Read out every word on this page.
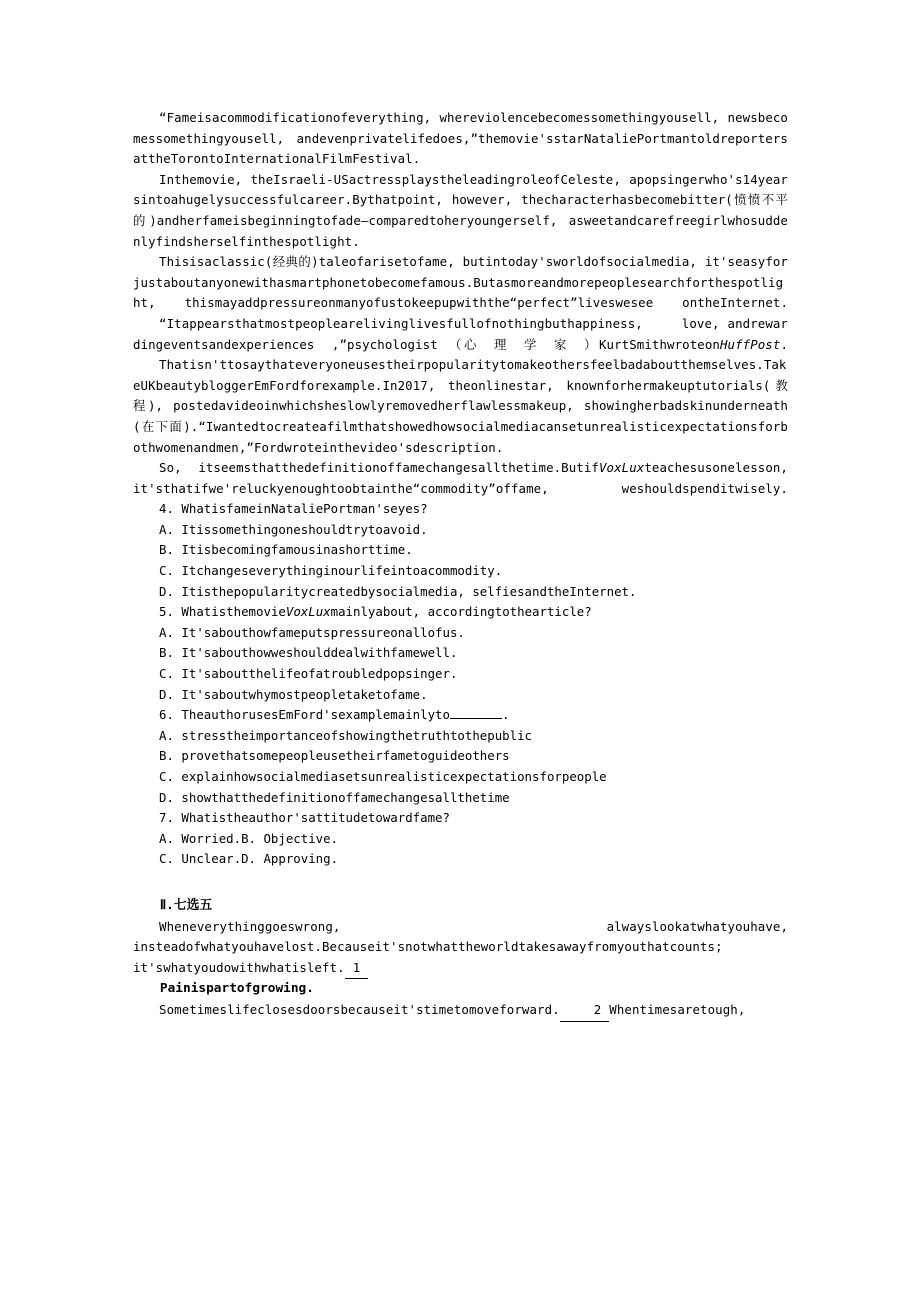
“Fameisacommodificationofeverything, whereviolencebecomessomethingyousell, newsbecomessomethingyousell, andevenprivatelifedoes,”themovie'sstarNataliePortmantoldreportersattheTorontoInternationalFilmFestival.

Inthemovie, theIsraeli-USactressplaystheleadingroleofCeleste, apopsingerwho's14yearsintoahugelysuccessfulcareer.Bythatpoint, however, thecharacterhasbecomebitter(愤愤不平的)andherfameisbeginningtofade—comparedtoheryoungerself, asweetandcarefreegirlwhosuddenlyfindsherselfinthespotlight.

Thisisaclassic(经典的)taleofarisetofame, butintoday'sworldofsocialmedia, it'seasyforjustaboutanyonewithasmartphonetobecomefamous.Butasmoreandmorepeoplesearchforthespotlight, thismayaddpressureonmanyofustokeepupwiththe“perfect”liveswesee ontheInternet.

“Itappearsthatmostpeoplearelivinglivesfullofnothingbuthappiness,　　　love, andrewardingeventsandexperiences　,”psychologist　（心　理　学　家　）KurtSmithwroteonHuffPost.

Thatisn'ttosaythateveryoneusestheirpopularitytomakeothersfeelbadaboutthemselves.TakeUKbeautybloggerEmFordforexample.In2017, theonlinestar, knownforhermakeuptutorials(教程), postedavideoinwhichsheslowlyremovedherflawlessmakeup, showingherbadskinunderneath(在下面).“Iwantedtocreateafilmthatshowedhowsocialmediacansetunrealisticexpectationsforbothwomenandmen,”Fordwroteinthevideo'sdescription.

So, itseemsthatthedefinitionoffamechangesallthetime.ButifVoxLuxteachesusonelesson, it'sthatifwe'reluckyenoughtoobtainthe“commodity”offame, weshouldspenditwisely.

4. WhatisfameinNataliePortman'seyes?

A. Itissomethingoneshouldtrytoavoid.

B. Itisbecomingfamousinashorttime.

C. Itchangeseverythinginourlifeintoacommodity.

D. Itisthepopularitycreatedbysocialmedia, selfiesandtheInternet.

5. WhatisthemovieVoxLuxmainlyabout, accordingtothearticle?

A. It'sabouthowfameputspressureonallofus.

B. It'sabouthowweshoulddealwithfamewell.

C. It'saboutthelifeofatroubledpopsinger.

D. It'saboutwhymostpeopletaketofame.

6. TheauthorusesEmFord'sexamplemainlyto	.

A. stresstheimportanceofshowingthetruthtothepublic

B. provethatsomepeopleusetheirfametoguideothers

C. explainhowsocialmediasetsunrealisticexpectationsforpeople

D. showthatthedefinitionoffamechangesallthetime

7. Whatistheauthor'sattitudetowardfame?

A. Worried.B. Objective.

C. Unclear.D. Approving.

Ⅱ.七选五

Wheneverythinggoeswrong,　　　　　　　　　　　　　　	alwayslookatwhatyouhave,

insteadofwhatyouhavelost.Becauseit'snotwhattheworldtakesawayfromyouthatcounts;

it'swhatyoudowithwhatisleft. 1

Painispartofgrowing.

Sometimeslifeclosesdoorsbecauseit'stimetomoveforward.	2 Whentimesaretough,
